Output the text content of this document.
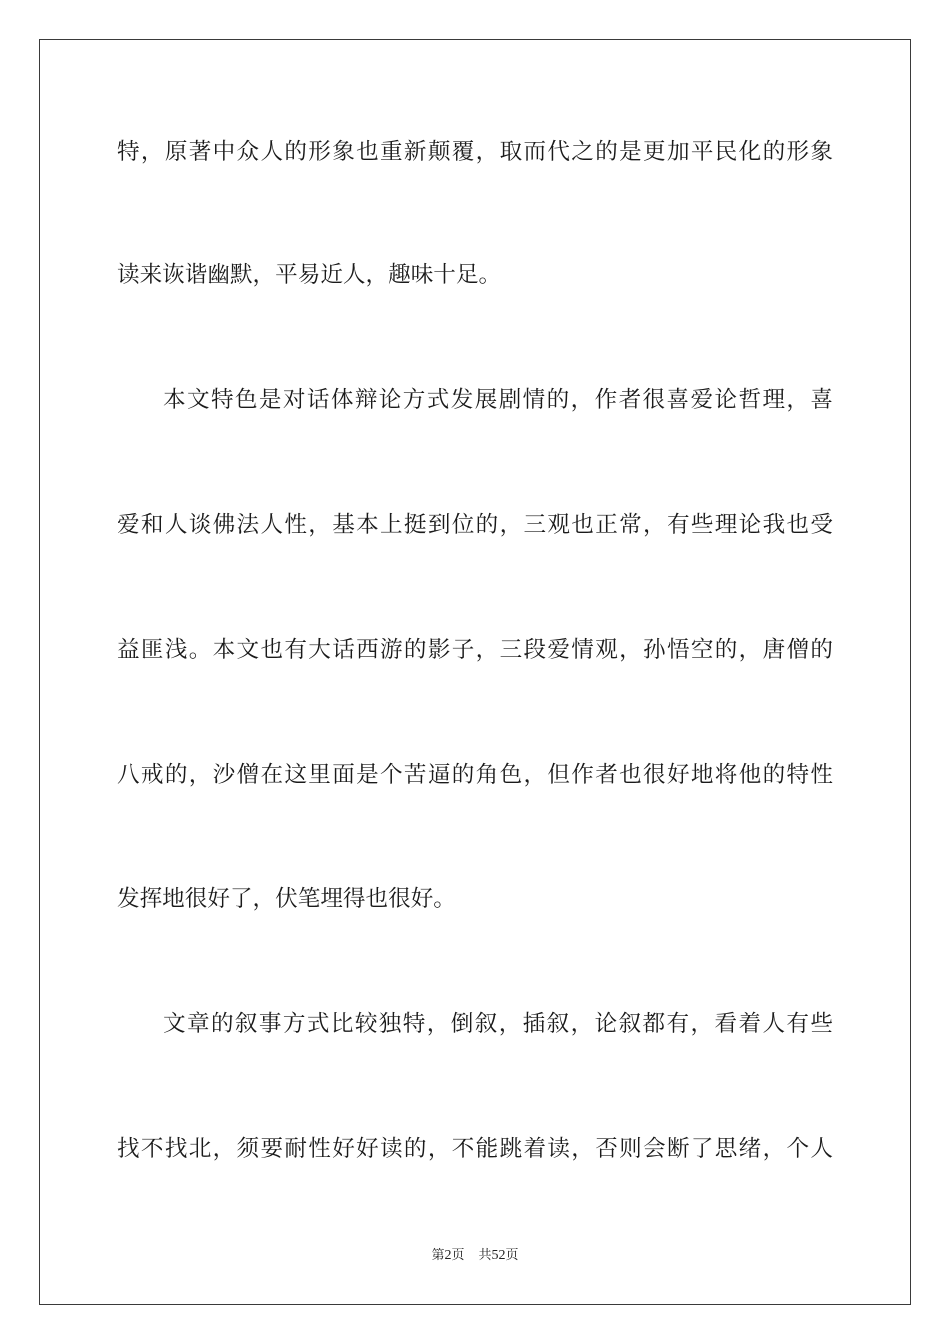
特，原著中众人的形象也重新颠覆，取而代之的是更加平民化的形象
读来诙谐幽默，平易近人，趣味十足。
本文特色是对话体辩论方式发展剧情的，作者很喜爱论哲理，喜
爱和人谈佛法人性，基本上挺到位的，三观也正常，有些理论我也受
益匪浅。本文也有大话西游的影子，三段爱情观，孙悟空的，唐僧的
八戒的，沙僧在这里面是个苦逼的角色，但作者也很好地将他的特性
发挥地很好了，伏笔埋得也很好。
文章的叙事方式比较独特，倒叙，插叙，论叙都有，看着人有些
找不找北，须要耐性好好读的，不能跳着读，否则会断了思绪，个人
第2页 共52页
